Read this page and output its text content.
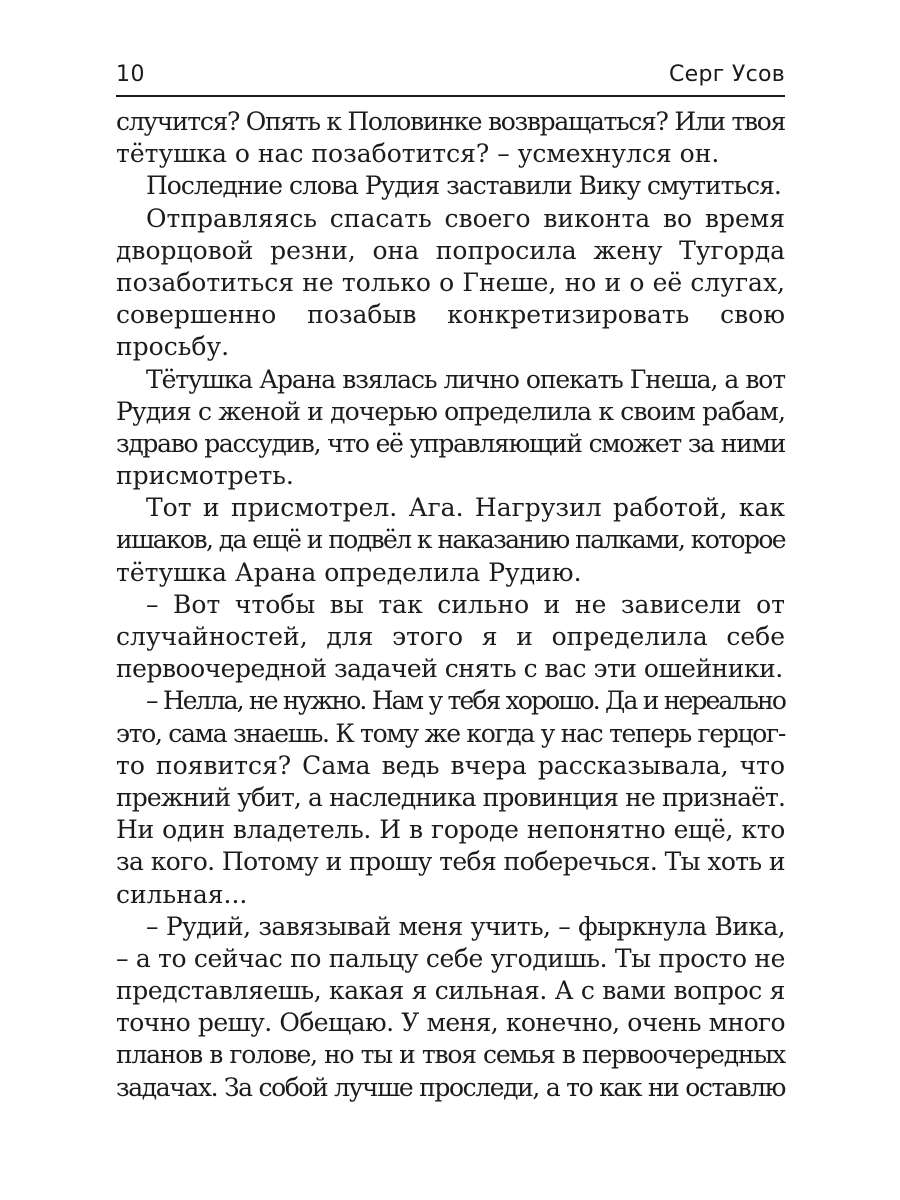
10	Серг Усов
случится? Опять к Половинке возвращаться? Или твоя
тётушка о нас позаботится? – усмехнулся он.
Последние слова Рудия заставили Вику смутиться.
Отправляясь спасать своего виконта во время
дворцовой резни, она попросила жену Тугорда
позаботиться не только о Гнеше, но и о её слугах,
совершенно позабыв конкретизировать свою
просьбу.
Тётушка Арана взялась лично опекать Гнеша, а вот
Рудия с женой и дочерью определила к своим рабам,
здраво рассудив, что её управляющий сможет за ними
присмотреть.
Тот и присмотрел. Ага. Нагрузил работой, как
ишаков, да ещё и подвёл к наказанию палками, которое
тётушка Арана определила Рудию.
– Вот чтобы вы так сильно и не зависели от
случайностей, для этого я и определила себе
первоочередной задачей снять с вас эти ошейники.
– Нелла, не нужно. Нам у тебя хорошо. Да и нереально
это, сама знаешь. К тому же когда у нас теперь герцог-
то появится? Сама ведь вчера рассказывала, что
прежний убит, а наследника провинция не признаёт.
Ни один владетель. И в городе непонятно ещё, кто
за кого. Потому и прошу тебя поберечься. Ты хоть и
сильная...
– Рудий, завязывай меня учить, – фыркнула Вика,
– а то сейчас по пальцу себе угодишь. Ты просто не
представляешь, какая я сильная. А с вами вопрос я
точно решу. Обещаю. У меня, конечно, очень много
планов в голове, но ты и твоя семья в первоочередных
задачах. За собой лучше проследи, а то как ни оставлю
